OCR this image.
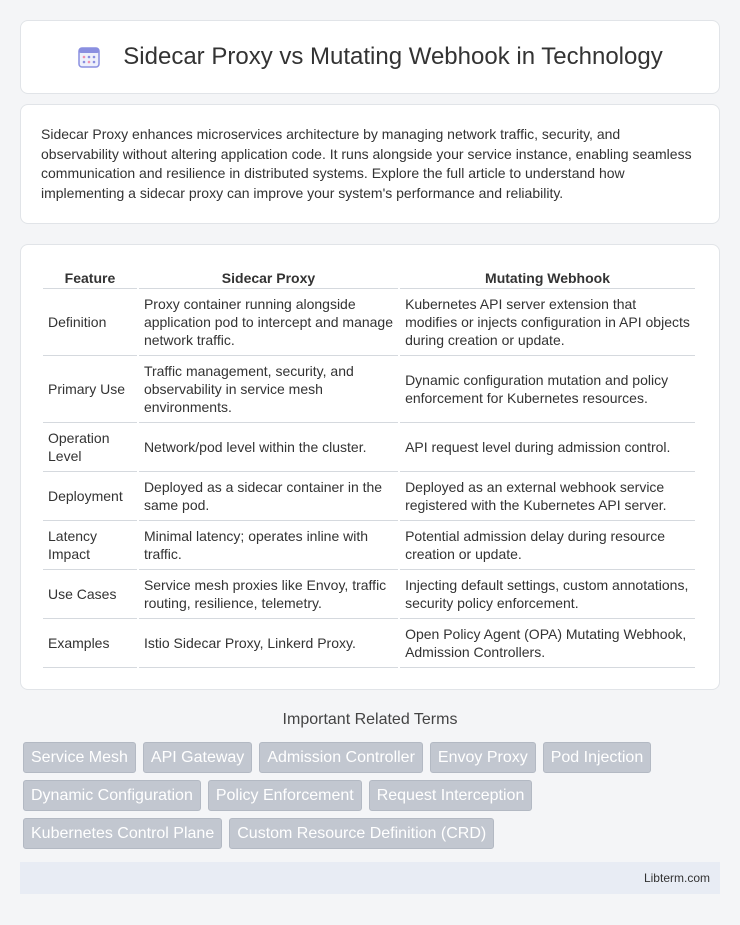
Sidecar Proxy vs Mutating Webhook in Technology

Sidecar Proxy enhances microservices architecture by managing network traffic, security, and observability without altering application code. It runs alongside your service instance, enabling seamless communication and resilience in distributed systems. Explore the full article to understand how implementing a sidecar proxy can improve your system's performance and reliability.

Feature	Sidecar Proxy	Mutating Webhook
Definition	Proxy container running alongside application pod to intercept and manage network traffic.	Kubernetes API server extension that modifies or injects configuration in API objects during creation or update.
Primary Use	Traffic management, security, and observability in service mesh environments.	Dynamic configuration mutation and policy enforcement for Kubernetes resources.
Operation Level	Network/pod level within the cluster.	API request level during admission control.
Deployment	Deployed as a sidecar container in the same pod.	Deployed as an external webhook service registered with the Kubernetes API server.
Latency Impact	Minimal latency; operates inline with traffic.	Potential admission delay during resource creation or update.
Use Cases	Service mesh proxies like Envoy, traffic routing, resilience, telemetry.	Injecting default settings, custom annotations, security policy enforcement.
Examples	Istio Sidecar Proxy, Linkerd Proxy.	Open Policy Agent (OPA) Mutating Webhook, Admission Controllers.
Important Related Terms
Service Mesh	API Gateway	Admission Controller	Envoy Proxy	Pod Injection
Dynamic Configuration	Policy Enforcement	Request Interception
Kubernetes Control Plane	Custom Resource Definition (CRD)
Libterm.com
